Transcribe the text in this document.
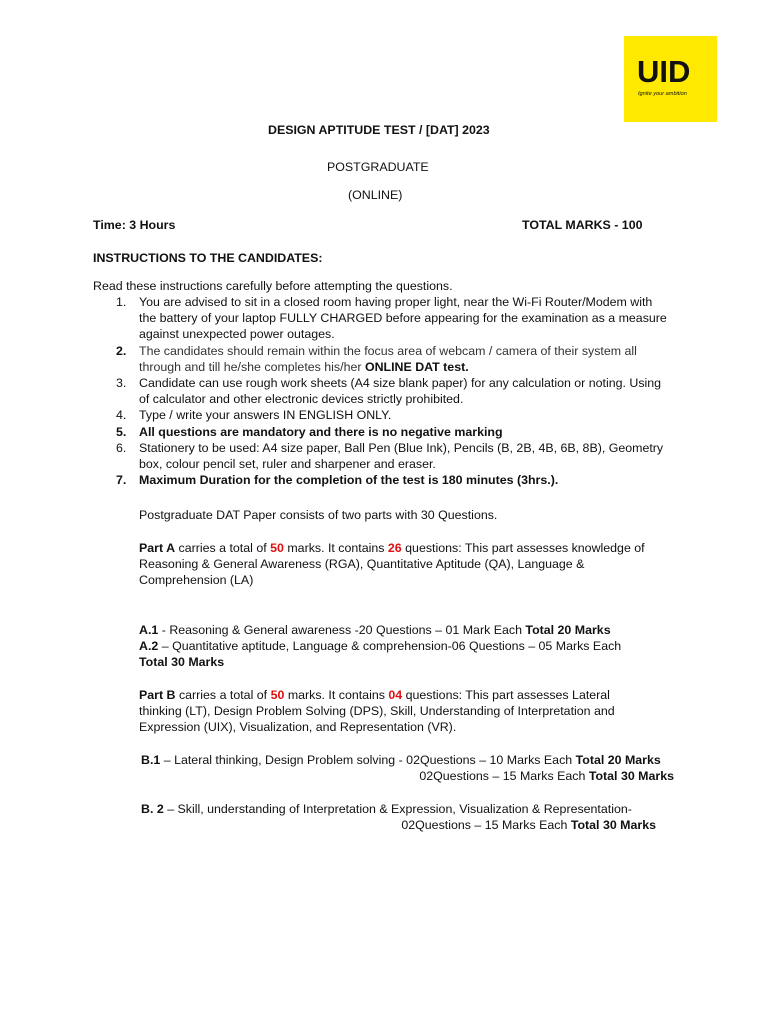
UID
Ignite your ambition
DESIGN APTITUDE TEST / [DAT] 2023
POSTGRADUATE
(ONLINE)
Time: 3 Hours	TOTAL MARKS - 100
INSTRUCTIONS TO THE CANDIDATES:
Read these instructions carefully before attempting the questions.
1. You are advised to sit in a closed room having proper light, near the Wi-Fi Router/Modem with
the battery of your laptop FULLY CHARGED before appearing for the examination as a measure
against unexpected power outages.
2. The candidates should remain within the focus area of webcam / camera of their system all
through and till he/she completes his/her ONLINE DAT test.
3. Candidate can use rough work sheets (A4 size blank paper) for any calculation or noting. Using
of calculator and other electronic devices strictly prohibited.
4. Type / write your answers IN ENGLISH ONLY.
5. All questions are mandatory and there is no negative marking
6. Stationery to be used: A4 size paper, Ball Pen (Blue Ink), Pencils (B, 2B, 4B, 6B, 8B), Geometry
box, colour pencil set, ruler and sharpener and eraser.
7. Maximum Duration for the completion of the test is 180 minutes (3hrs.).
Postgraduate DAT Paper consists of two parts with 30 Questions.
Part A carries a total of 50 marks. It contains 26 questions: This part assesses knowledge of
Reasoning & General Awareness (RGA), Quantitative Aptitude (QA), Language &
Comprehension (LA)
A.1 - Reasoning & General awareness -20 Questions – 01 Mark Each Total 20 Marks
A.2 – Quantitative aptitude, Language & comprehension-06 Questions – 05 Marks Each
Total 30 Marks
Part B carries a total of 50 marks. It contains 04 questions: This part assesses Lateral
thinking (LT), Design Problem Solving (DPS), Skill, Understanding of Interpretation and
Expression (UIX), Visualization, and Representation (VR).
B.1 – Lateral thinking, Design Problem solving - 02Questions – 10 Marks Each Total 20 Marks
02Questions – 15 Marks Each Total 30 Marks
B. 2 – Skill, understanding of Interpretation & Expression, Visualization & Representation-
02Questions – 15 Marks Each Total 30 Marks
